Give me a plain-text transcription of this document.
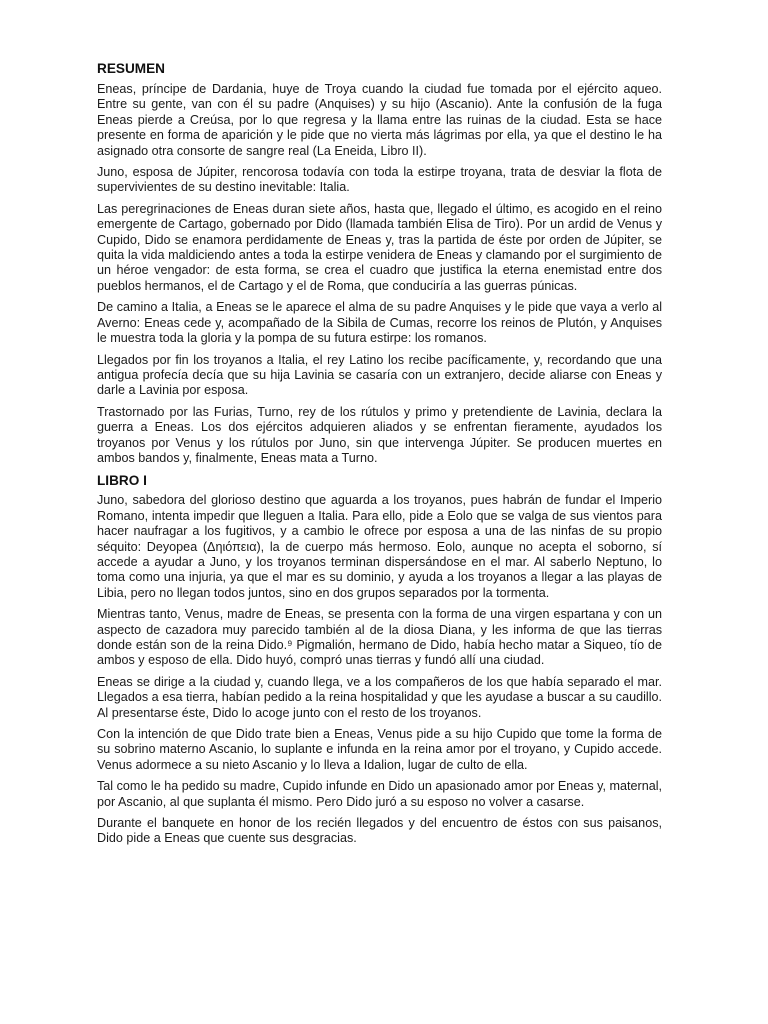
RESUMEN

Eneas, príncipe de Dardania, huye de Troya cuando la ciudad fue tomada por el ejército aqueo. Entre su gente, van con él su padre (Anquises) y su hijo (Ascanio). Ante la confusión de la fuga Eneas pierde a Creúsa, por lo que regresa y la llama entre las ruinas de la ciudad. Esta se hace presente en forma de aparición y le pide que no vierta más lágrimas por ella, ya que el destino le ha asignado otra consorte de sangre real (La Eneida, Libro II).

Juno, esposa de Júpiter, rencorosa todavía con toda la estirpe troyana, trata de desviar la flota de supervivientes de su destino inevitable: Italia.

Las peregrinaciones de Eneas duran siete años, hasta que, llegado el último, es acogido en el reino emergente de Cartago, gobernado por Dido (llamada también Elisa de Tiro). Por un ardid de Venus y Cupido, Dido se enamora perdidamente de Eneas y, tras la partida de éste por orden de Júpiter, se quita la vida maldiciendo antes a toda la estirpe venidera de Eneas y clamando por el surgimiento de un héroe vengador: de esta forma, se crea el cuadro que justifica la eterna enemistad entre dos pueblos hermanos, el de Cartago y el de Roma, que conduciría a las guerras púnicas.

De camino a Italia, a Eneas se le aparece el alma de su padre Anquises y le pide que vaya a verlo al Averno: Eneas cede y, acompañado de la Sibila de Cumas, recorre los reinos de Plutón, y Anquises le muestra toda la gloria y la pompa de su futura estirpe: los romanos.

Llegados por fin los troyanos a Italia, el rey Latino los recibe pacíficamente, y, recordando que una antigua profecía decía que su hija Lavinia se casaría con un extranjero, decide aliarse con Eneas y darle a Lavinia por esposa.

Trastornado por las Furias, Turno, rey de los rútulos y primo y pretendiente de Lavinia, declara la guerra a Eneas. Los dos ejércitos adquieren aliados y se enfrentan fieramente, ayudados los troyanos por Venus y los rútulos por Juno, sin que intervenga Júpiter. Se producen muertes en ambos bandos y, finalmente, Eneas mata a Turno.

LIBRO I

Juno, sabedora del glorioso destino que aguarda a los troyanos, pues habrán de fundar el Imperio Romano, intenta impedir que lleguen a Italia. Para ello, pide a Eolo que se valga de sus vientos para hacer naufragar a los fugitivos, y a cambio le ofrece por esposa a una de las ninfas de su propio séquito: Deyopea (Δηιόπεια), la de cuerpo más hermoso. Eolo, aunque no acepta el soborno, sí accede a ayudar a Juno, y los troyanos terminan dispersándose en el mar. Al saberlo Neptuno, lo toma como una injuria, ya que el mar es su dominio, y ayuda a los troyanos a llegar a las playas de Libia, pero no llegan todos juntos, sino en dos grupos separados por la tormenta.

Mientras tanto, Venus, madre de Eneas, se presenta con la forma de una virgen espartana y con un aspecto de cazadora muy parecido también al de la diosa Diana, y les informa de que las tierras donde están son de la reina Dido.⁹ Pigmalión, hermano de Dido, había hecho matar a Siqueo, tío de ambos y esposo de ella. Dido huyó, compró unas tierras y fundó allí una ciudad.

Eneas se dirige a la ciudad y, cuando llega, ve a los compañeros de los que había separado el mar. Llegados a esa tierra, habían pedido a la reina hospitalidad y que les ayudase a buscar a su caudillo. Al presentarse éste, Dido lo acoge junto con el resto de los troyanos.

Con la intención de que Dido trate bien a Eneas, Venus pide a su hijo Cupido que tome la forma de su sobrino materno Ascanio, lo suplante e infunda en la reina amor por el troyano, y Cupido accede. Venus adormece a su nieto Ascanio y lo lleva a Idalion, lugar de culto de ella.

Tal como le ha pedido su madre, Cupido infunde en Dido un apasionado amor por Eneas y, maternal, por Ascanio, al que suplanta él mismo. Pero Dido juró a su esposo no volver a casarse.

Durante el banquete en honor de los recién llegados y del encuentro de éstos con sus paisanos, Dido pide a Eneas que cuente sus desgracias.
